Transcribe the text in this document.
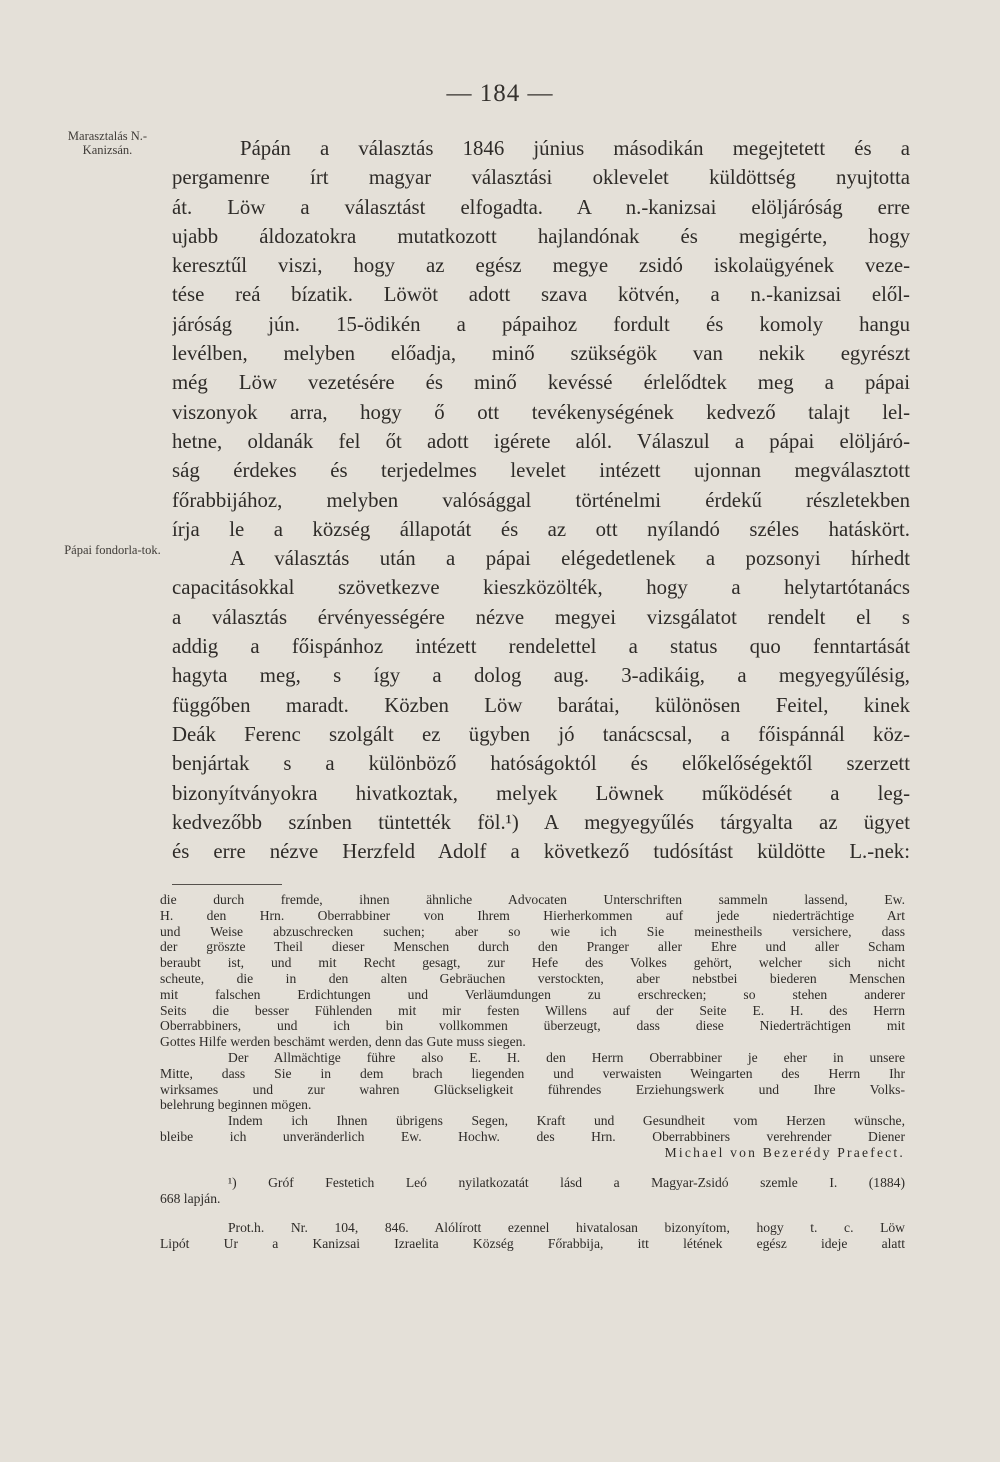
— 184 —
Marasztalás N.-Kanizsán.
Pápai fondorla-tok.
Pápán a választás 1846 június másodikán megejtetett és a
pergamenre írt magyar választási oklevelet küldöttség nyujtotta
át. Löw a választást elfogadta. A n.-kanizsai elöljáróság erre
ujabb áldozatokra mutatkozott hajlandónak és megigérte, hogy
keresztűl viszi, hogy az egész megye zsidó iskolaügyének veze-
tése reá bízatik. Löwöt adott szava kötvén, a n.-kanizsai elől-
járóság jún. 15-ödikén a pápaihoz fordult és komoly hangu
levélben, melyben előadja, minő szükségök van nekik egyrészt
még Löw vezetésére és minő kevéssé érlelődtek meg a pápai
viszonyok arra, hogy ő ott tevékenységének kedvező talajt lel-
hetne, oldanák fel őt adott igérete alól. Válaszul a pápai elöljáró-
ság érdekes és terjedelmes levelet intézett ujonnan megválasztott
főrabbijához, melyben valósággal történelmi érdekű részletekben
írja le a község állapotát és az ott nyílandó széles hatáskört.
A választás után a pápai elégedetlenek a pozsonyi hírhedt
capacitásokkal szövetkezve kieszközölték, hogy a helytartótanács
a választás érvényességére nézve megyei vizsgálatot rendelt el s
addig a főispánhoz intézett rendelettel a status quo fenntartását
hagyta meg, s így a dolog aug. 3-adikáig, a megyegyűlésig,
függőben maradt. Közben Löw barátai, különösen Feitel, kinek
Deák Ferenc szolgált ez ügyben jó tanácscsal, a főispánnál köz-
benjártak s a különböző hatóságoktól és előkelőségektől szerzett
bizonyítványokra hivatkoztak, melyek Löwnek működését a leg-
kedvezőbb színben tüntették föl.¹) A megyegyűlés tárgyalta az ügyet
és erre nézve Herzfeld Adolf a következő tudósítást küldötte L.-nek:
die durch fremde, ihnen ähnliche Advocaten Unterschriften sammeln lassend, Ew.
H. den Hrn. Oberrabbiner von Ihrem Hierherkommen auf jede niederträchtige Art
und Weise abzuschrecken suchen; aber so wie ich Sie meinestheils versichere, dass
der gröszte Theil dieser Menschen durch den Pranger aller Ehre und aller Scham
beraubt ist, und mit Recht gesagt, zur Hefe des Volkes gehört, welcher sich nicht
scheute, die in den alten Gebräuchen verstockten, aber nebstbei biederen Menschen
mit falschen Erdichtungen und Verläumdungen zu erschrecken; so stehen anderer
Seits die besser Fühlenden mit mir festen Willens auf der Seite E. H. des Herrn
Oberrabbiners, und ich bin vollkommen überzeugt, dass diese Niederträchtigen mit
Gottes Hilfe werden beschämt werden, denn das Gute muss siegen.
Der Allmächtige führe also E. H. den Herrn Oberrabbiner je eher in unsere
Mitte, dass Sie in dem brach liegenden und verwaisten Weingarten des Herrn Ihr
wirksames und zur wahren Glückseligkeit führendes Erziehungswerk und Ihre Volks-
belehrung beginnen mögen.
Indem ich Ihnen übrigens Segen, Kraft und Gesundheit vom Herzen wünsche,
bleibe ich unveränderlich Ew. Hochw. des Hrn. Oberrabbiners verehrender Diener
Michael von Bezerédy Praefect.
¹) Gróf Festetich Leó nyilatkozatát lásd a Magyar-Zsidó szemle I. (1884)
668 lapján.
Prot.h. Nr. 104, 846. Alólírott ezennel hivatalosan bizonyítom, hogy t. c. Löw
Lipót Ur a Kanizsai Izraelita Község Főrabbija, itt létének egész ideje alatt
